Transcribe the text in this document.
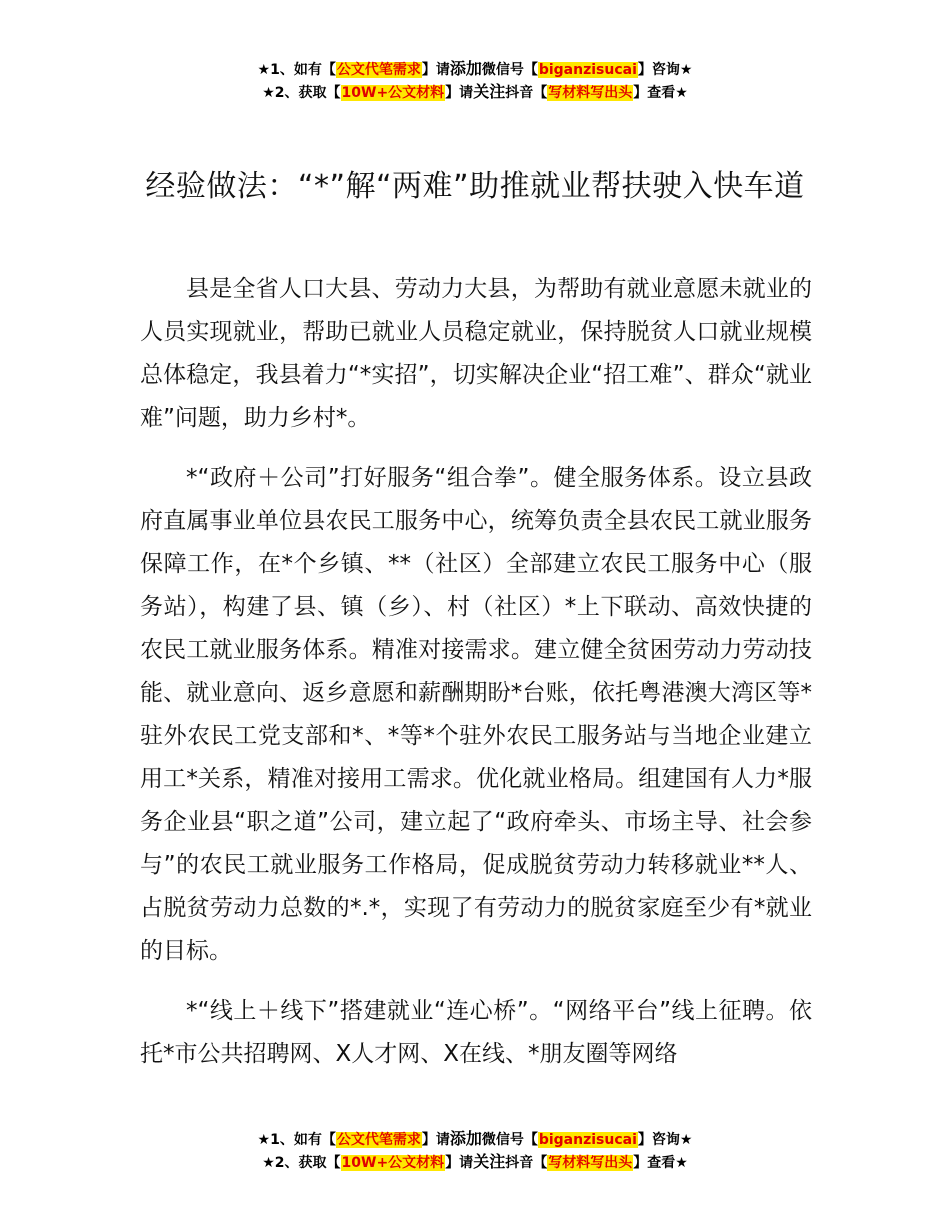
★1、如有【公文代笔需求】请添加微信号【biganzisucai】咨询★
★2、获取【10W+公文材料】请关注抖音【写材料写出头】查看★
经验做法：“*”解“两难”助推就业帮扶驶入快车道

县是全省人口大县、劳动力大县，为帮助有就业意愿未就业的人员实现就业，帮助已就业人员稳定就业，保持脱贫人口就业规模总体稳定，我县着力“*实招”，切实解决企业“招工难”、群众“就业难”问题，助力乡村*。

*“政府＋公司”打好服务“组合拳”。健全服务体系。设立县政府直属事业单位县农民工服务中心，统筹负责全县农民工就业服务保障工作，在*个乡镇、**（社区）全部建立农民工服务中心（服务站），构建了县、镇（乡）、村（社区）*上下联动、高效快捷的农民工就业服务体系。精准对接需求。建立健全贫困劳动力劳动技能、就业意向、返乡意愿和薪酬期盼*台账，依托粤港澳大湾区等*驻外农民工党支部和*、*等*个驻外农民工服务站与当地企业建立用工*关系，精准对接用工需求。优化就业格局。组建国有人力*服务企业县“职之道”公司，建立起了“政府牵头、市场主导、社会参与”的农民工就业服务工作格局，促成脱贫劳动力转移就业**人、占脱贫劳动力总数的*.*，实现了有劳动力的脱贫家庭至少有*就业的目标。

*“线上＋线下”搭建就业“连心桥”。“网络平台”线上征聘。依托*市公共招聘网、X人才网、X在线、*朋友圈等网络

★1、如有【公文代笔需求】请添加微信号【biganzisucai】咨询★
★2、获取【10W+公文材料】请关注抖音【写材料写出头】查看★
